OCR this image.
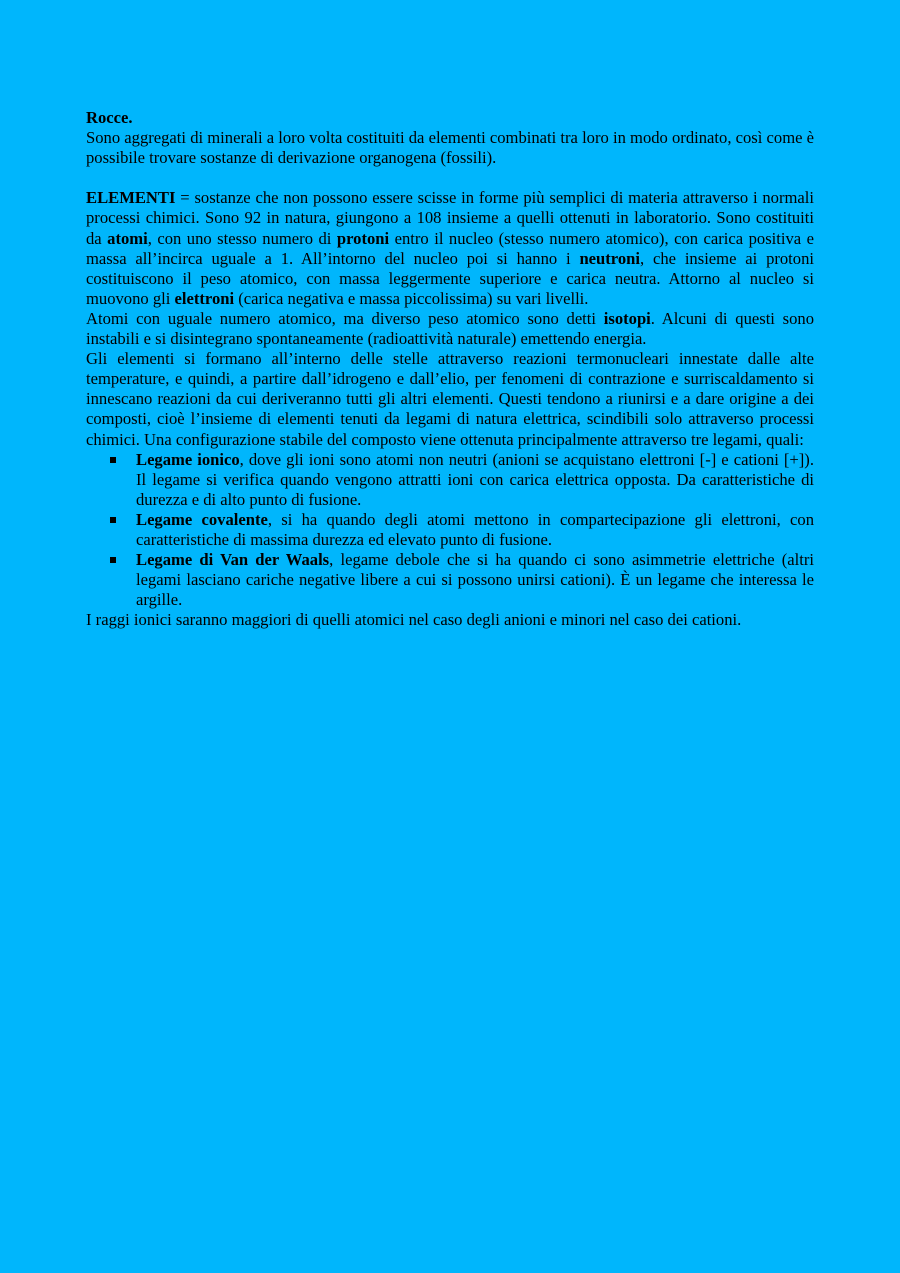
Rocce.

Sono aggregati di minerali a loro volta costituiti da elementi combinati tra loro in modo ordinato, così come è possibile trovare sostanze di derivazione organogena (fossili).

ELEMENTI = sostanze che non possono essere scisse in forme più semplici di materia attraverso i normali processi chimici. Sono 92 in natura, giungono a 108 insieme a quelli ottenuti in laboratorio. Sono costituiti da atomi, con uno stesso numero di protoni entro il nucleo (stesso numero atomico), con carica positiva e massa all’incirca uguale a 1. All’intorno del nucleo poi si hanno i neutroni, che insieme ai protoni costituiscono il peso atomico, con massa leggermente superiore e carica neutra. Attorno al nucleo si muovono gli elettroni (carica negativa e massa piccolissima) su vari livelli.

Atomi con uguale numero atomico, ma diverso peso atomico sono detti isotopi. Alcuni di questi sono instabili e si disintegrano spontaneamente (radioattività naturale) emettendo energia.

Gli elementi si formano all’interno delle stelle attraverso reazioni termonucleari innestate dalle alte temperature, e quindi, a partire dall’idrogeno e dall’elio, per fenomeni di contrazione e surriscaldamento si innescano reazioni da cui deriveranno tutti gli altri elementi. Questi tendono a riunirsi e a dare origine a dei composti, cioè l’insieme di elementi tenuti da legami di natura elettrica, scindibili solo attraverso processi chimici. Una configurazione stabile del composto viene ottenuta principalmente attraverso tre legami, quali:

Legame ionico, dove gli ioni sono atomi non neutri (anioni se acquistano elettroni [-] e cationi [+]). Il legame si verifica quando vengono attratti ioni con carica elettrica opposta. Da caratteristiche di durezza e di alto punto di fusione.
Legame covalente, si ha quando degli atomi mettono in compartecipazione gli elettroni, con caratteristiche di massima durezza ed elevato punto di fusione.
Legame di Van der Waals, legame debole che si ha quando ci sono asimmetrie elettriche (altri legami lasciano cariche negative libere a cui si possono unirsi cationi). È un legame che interessa le argille.

I raggi ionici saranno maggiori di quelli atomici nel caso degli anioni e minori nel caso dei cationi.
